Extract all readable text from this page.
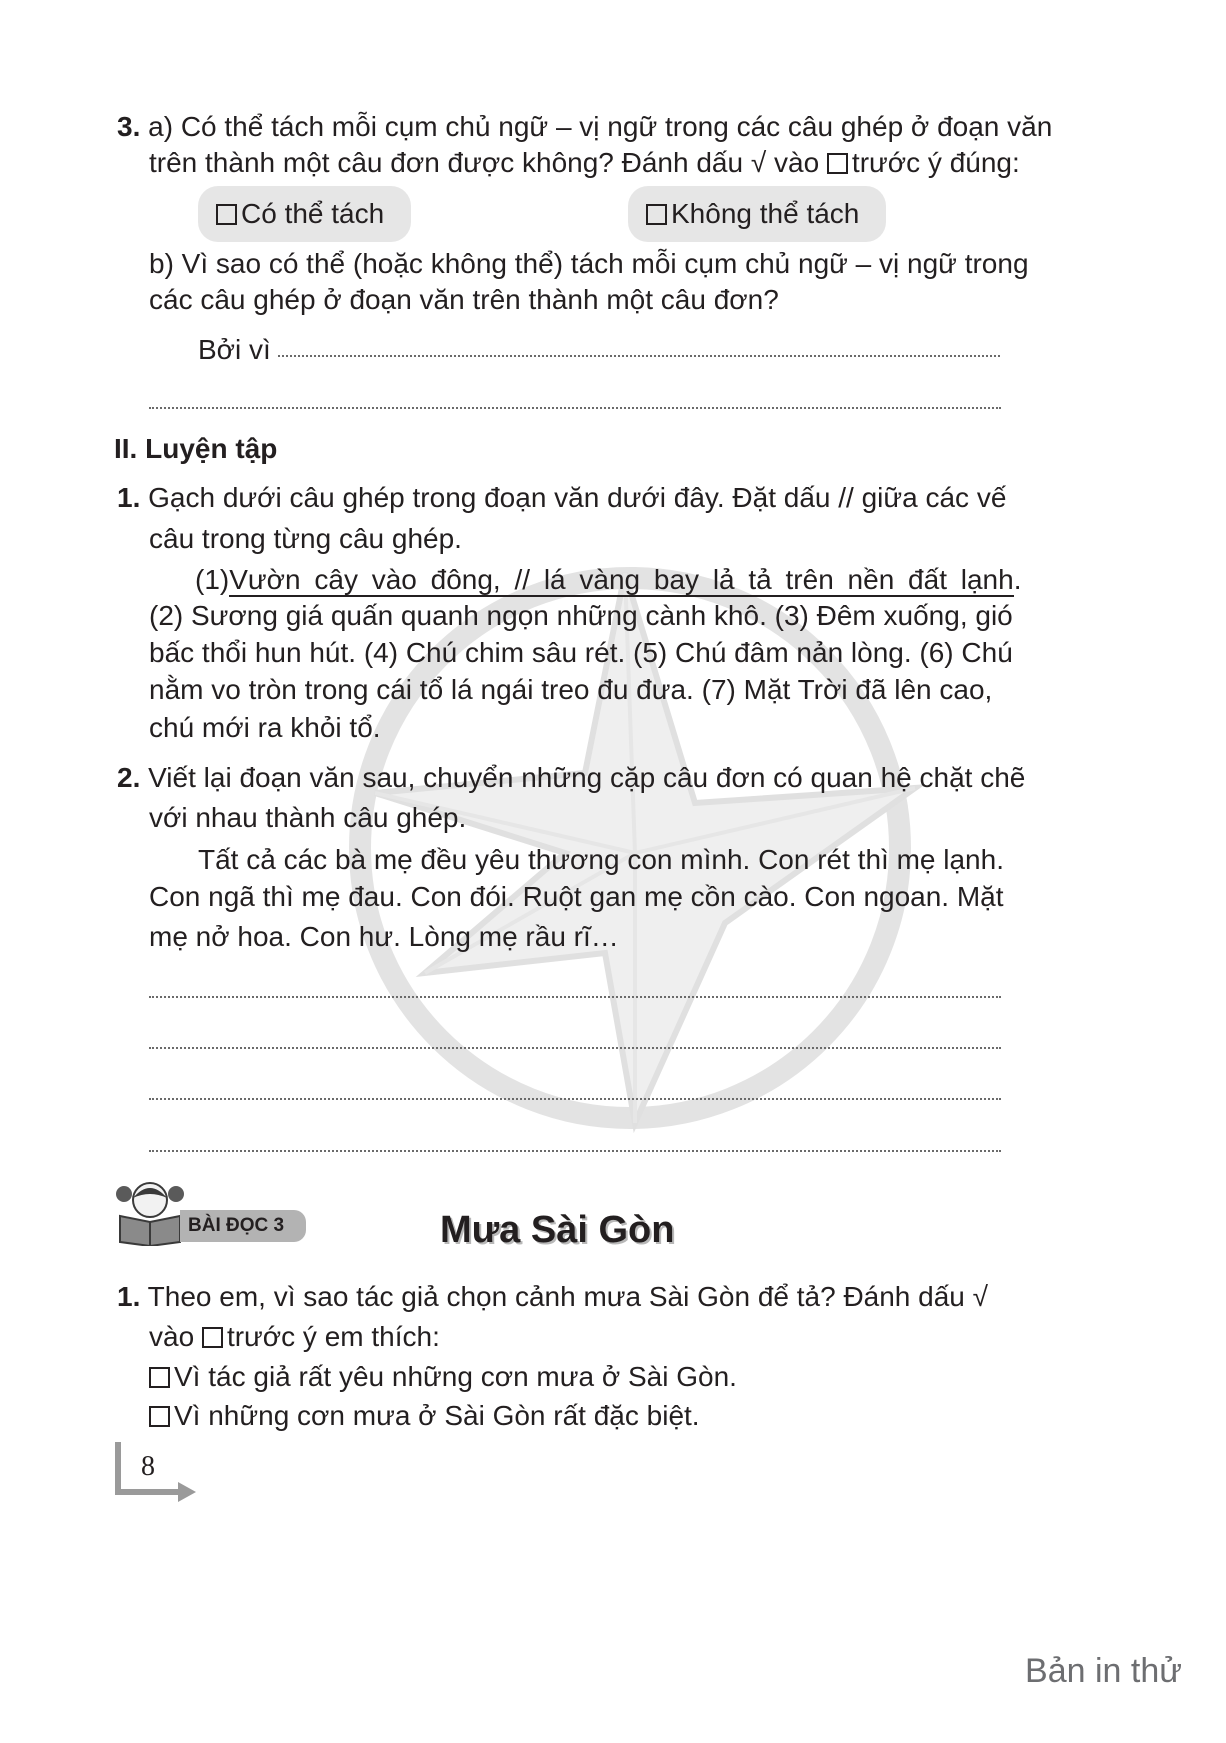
3. a) Có thể tách mỗi cụm chủ ngữ – vị ngữ trong các câu ghép ở đoạn văn
trên thành một câu đơn được không? Đánh dấu √ vào trước ý đúng:
Có thể tách	Không thể tách
b) Vì sao có thể (hoặc không thể) tách mỗi cụm chủ ngữ – vị ngữ trong
các câu ghép ở đoạn văn trên thành một câu đơn?
Bởi vì
II. Luyện tập
1. Gạch dưới câu ghép trong đoạn văn dưới đây. Đặt dấu // giữa các vế
câu trong từng câu ghép.
(1) Vườn cây vào đông, // lá vàng bay lả tả trên nền đất lạnh.
(2) Sương giá quấn quanh ngọn những cành khô. (3) Đêm xuống, gió
bấc thổi hun hút. (4) Chú chim sâu rét. (5) Chú đâm nản lòng. (6) Chú
nằm vo tròn trong cái tổ lá ngái treo đu đưa. (7) Mặt Trời đã lên cao,
chú mới ra khỏi tổ.
2. Viết lại đoạn văn sau, chuyển những cặp câu đơn có quan hệ chặt chẽ
với nhau thành câu ghép.
Tất cả các bà mẹ đều yêu thương con mình. Con rét thì mẹ lạnh.
Con ngã thì mẹ đau. Con đói. Ruột gan mẹ cồn cào. Con ngoan. Mặt
mẹ nở hoa. Con hư. Lòng mẹ rầu rĩ…
BÀI ĐỌC 3	Mưa Sài Gòn
1. Theo em, vì sao tác giả chọn cảnh mưa Sài Gòn để tả? Đánh dấu √
vào trước ý em thích:
Vì tác giả rất yêu những cơn mưa ở Sài Gòn.
Vì những cơn mưa ở Sài Gòn rất đặc biệt.
8
Bản in thử
